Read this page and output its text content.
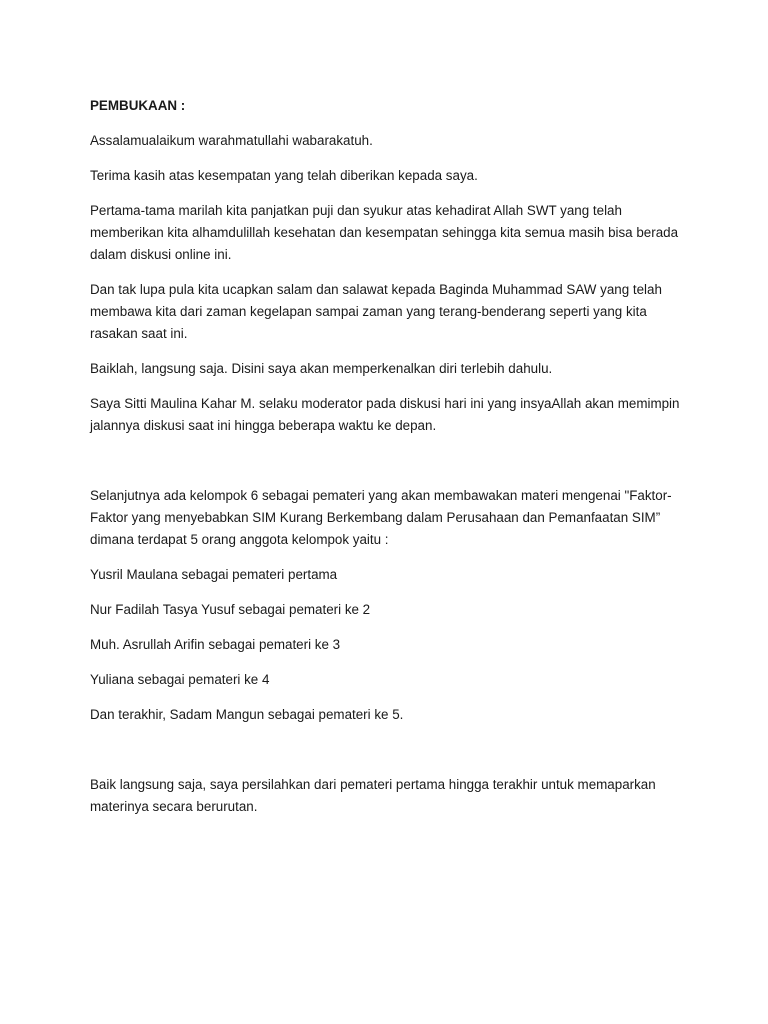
PEMBUKAAN :

Assalamualaikum warahmatullahi wabarakatuh.

Terima kasih atas kesempatan yang telah diberikan kepada saya.

Pertama-tama marilah kita panjatkan puji dan syukur atas kehadirat Allah SWT yang telah memberikan kita alhamdulillah kesehatan dan kesempatan sehingga kita semua masih bisa berada dalam diskusi online ini.

Dan tak lupa pula kita ucapkan salam dan salawat kepada Baginda Muhammad SAW yang telah membawa kita dari zaman kegelapan sampai zaman yang terang-benderang seperti yang kita rasakan saat ini.

Baiklah, langsung saja. Disini saya akan memperkenalkan diri terlebih dahulu.

Saya Sitti Maulina Kahar M. selaku moderator pada diskusi hari ini yang insyaAllah akan memimpin jalannya diskusi saat ini hingga beberapa waktu ke depan.

Selanjutnya ada kelompok 6 sebagai pemateri yang akan membawakan materi mengenai "Faktor-Faktor yang menyebabkan SIM Kurang Berkembang dalam Perusahaan dan Pemanfaatan SIM” dimana terdapat 5 orang anggota kelompok yaitu :

Yusril Maulana sebagai pemateri pertama

Nur Fadilah Tasya Yusuf sebagai pemateri ke 2

Muh. Asrullah Arifin sebagai pemateri ke 3

Yuliana sebagai pemateri ke 4

Dan terakhir, Sadam Mangun sebagai pemateri ke 5.

Baik langsung saja, saya persilahkan dari pemateri pertama hingga terakhir untuk memaparkan materinya secara berurutan.
